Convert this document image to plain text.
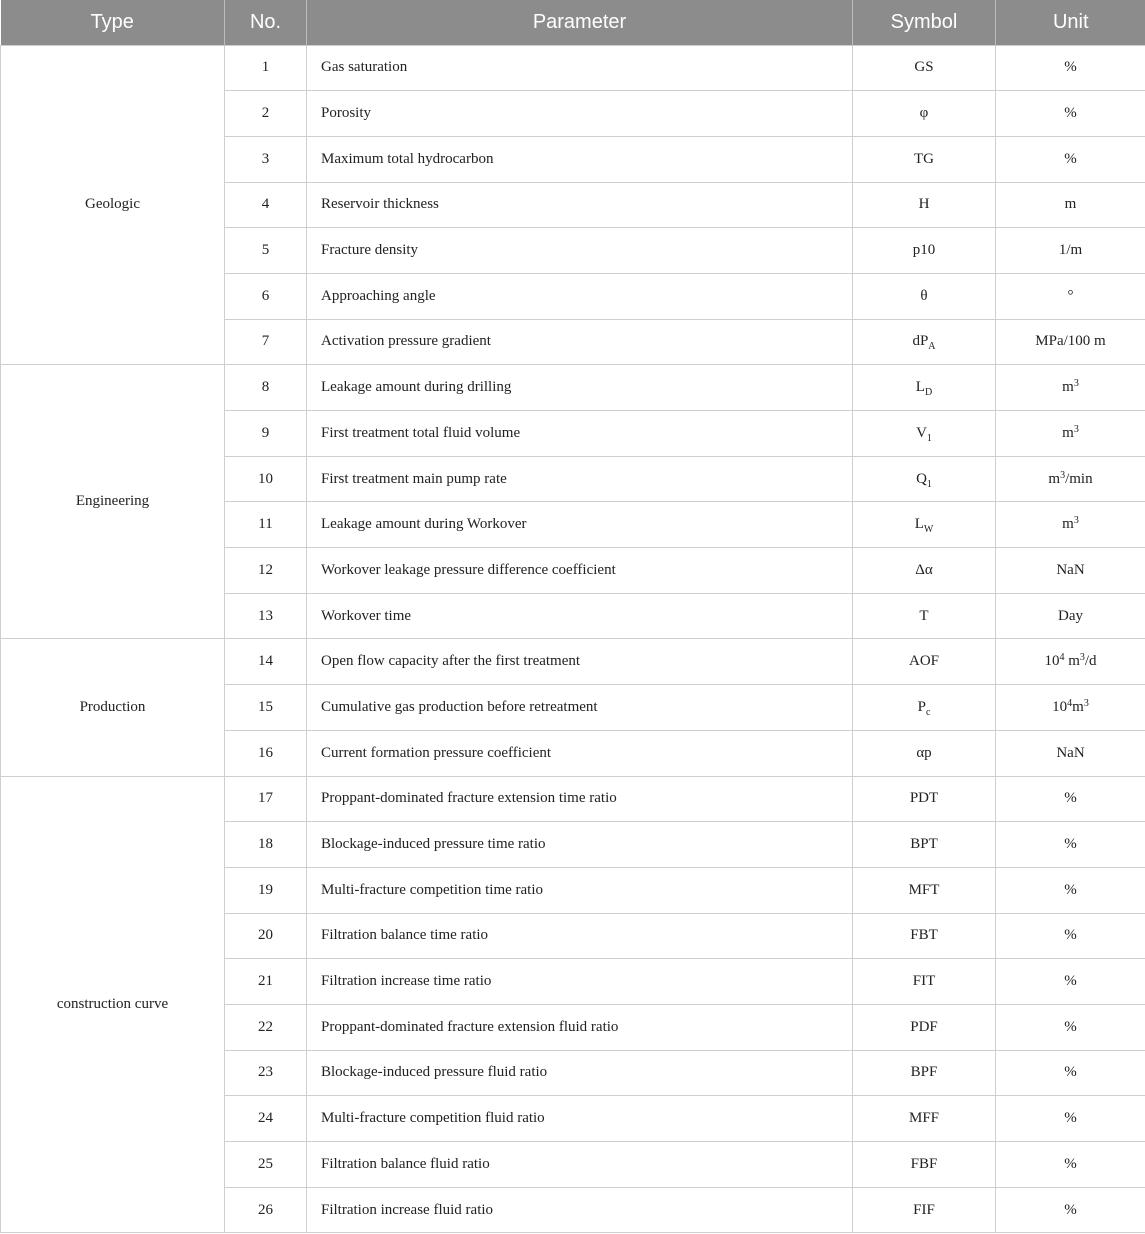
Type	No.	Parameter	Symbol	Unit
Geologic	1	Gas saturation	GS	%
	2	Porosity	φ	%
	3	Maximum total hydrocarbon	TG	%
	4	Reservoir thickness	H	m
	5	Fracture density	p10	1/m
	6	Approaching angle	θ	°
	7	Activation pressure gradient	$dP_A$	MPa/100 m
Engineering	8	Leakage amount during drilling	$L_D$	$m^3$
	9	First treatment total fluid volume	$V_1$	$m^3$
	10	First treatment main pump rate	$Q_1$	$m^3/\min$
	11	Leakage amount during Workover	$L_W$	$m^3$
	12	Workover leakage pressure difference coefficient	Δα	NaN
	13	Workover time	T	Day
Production	14	Open flow capacity after the first treatment	AOF	$10^4$ $m^3/d$
	15	Cumulative gas production before retreatment	$P_c$	$10^4m^3$
	16	Current formation pressure coefficient	αp	NaN
construction curve	17	Proppant-dominated fracture extension time ratio	PDT	%
	18	Blockage-induced pressure time ratio	BPT	%
	19	Multi-fracture competition time ratio	MFT	%
	20	Filtration balance time ratio	FBT	%
	21	Filtration increase time ratio	FIT	%
	22	Proppant-dominated fracture extension fluid ratio	PDF	%
	23	Blockage-induced pressure fluid ratio	BPF	%
	24	Multi-fracture competition fluid ratio	MFF	%
	25	Filtration balance fluid ratio	FBF	%
	26	Filtration increase fluid ratio	FIF	%
